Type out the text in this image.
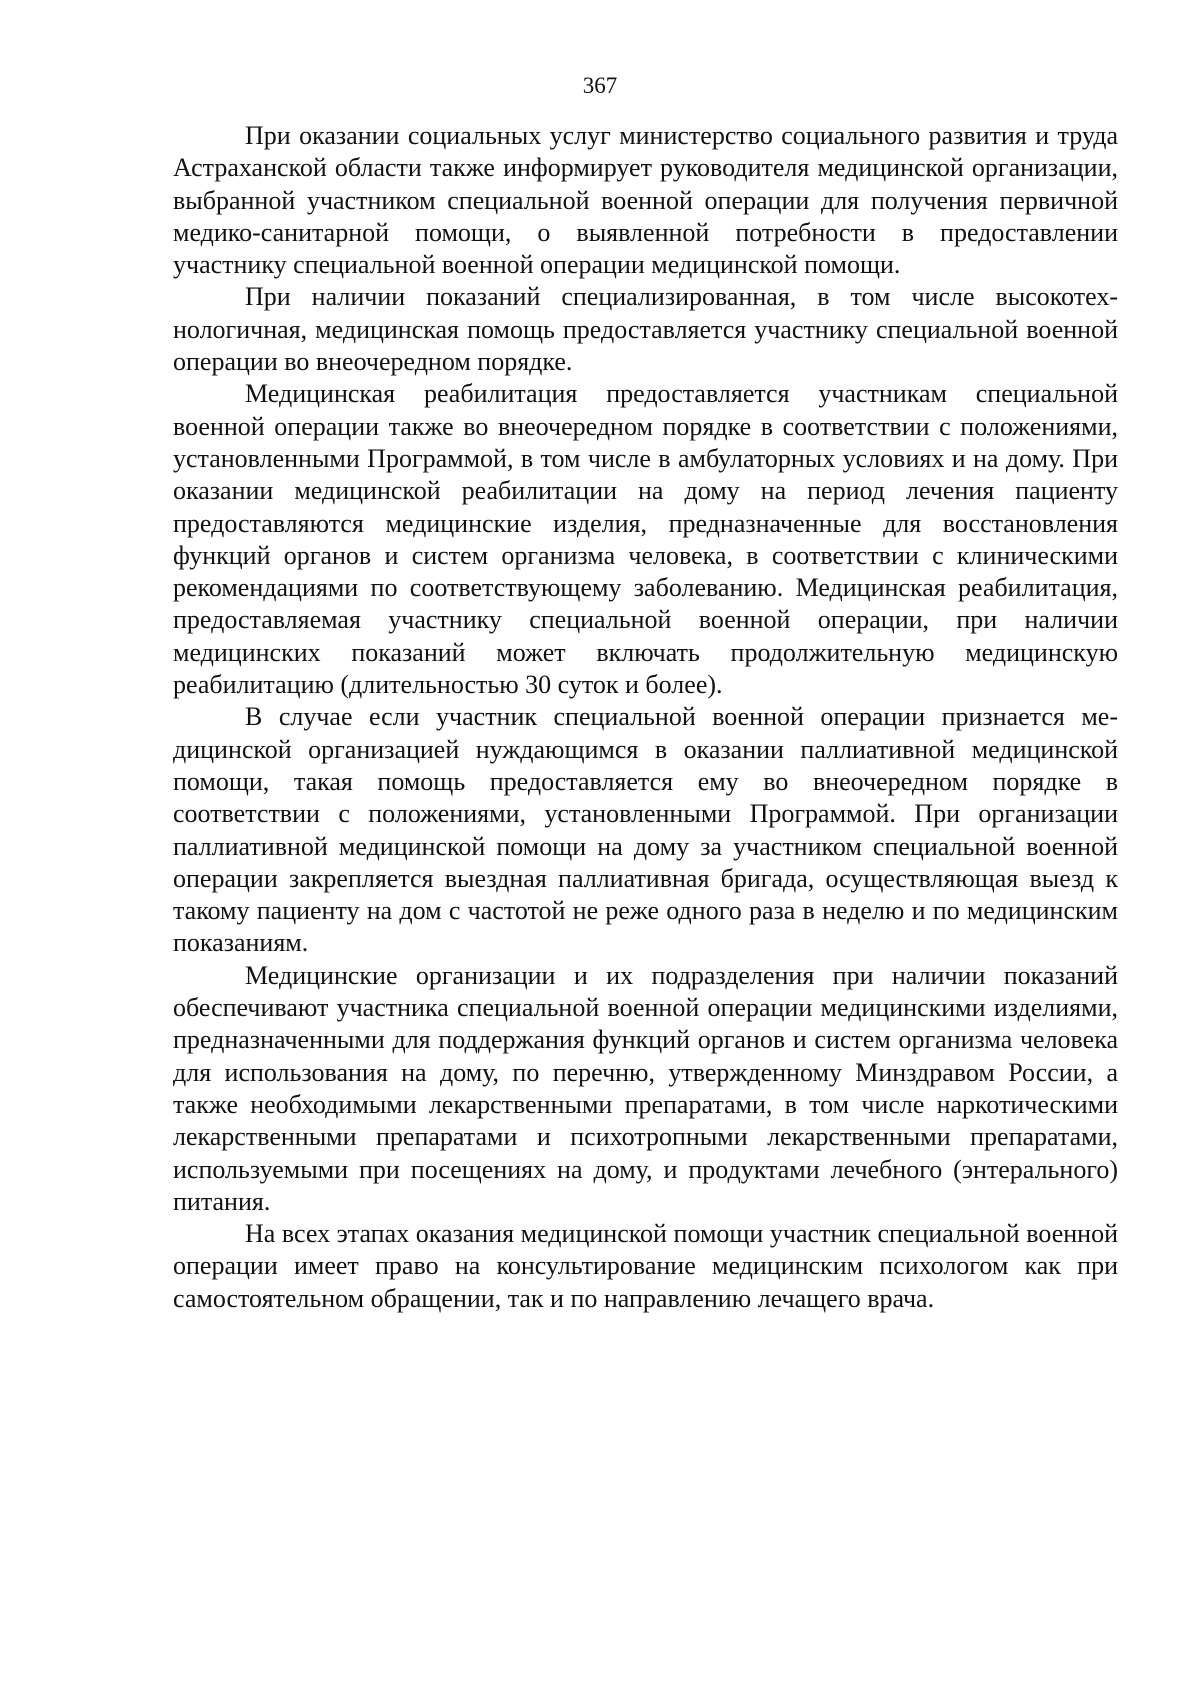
367

При оказании социальных услуг министерство социального развития и труда Астраханской области также информирует руководителя медицинской организации, выбранной участником специальной военной операции для получения первичной медико-санитарной помощи, о выявленной потребности в предоставлении участнику специальной военной операции медицинской помощи.

При наличии показаний специализированная, в том числе высокотехнологичная, медицинская помощь предоставляется участнику специальной военной операции во внеочередном порядке.

Медицинская реабилитация предоставляется участникам специальной военной операции также во внеочередном порядке в соответствии с положениями, установленными Программой, в том числе в амбулаторных условиях и на дому. При оказании медицинской реабилитации на дому на период лечения пациенту предоставляются медицинские изделия, предназначенные для восстановления функций органов и систем организма человека, в соответствии с клиническими рекомендациями по соответствующему заболеванию. Медицинская реабилитация, предоставляемая участнику специальной военной операции, при наличии медицинских показаний может включать продолжительную медицинскую реабилитацию (длительностью 30 суток и более).

В случае если участник специальной военной операции признается медицинской организацией нуждающимся в оказании паллиативной медицинской помощи, такая помощь предоставляется ему во внеочередном порядке в соответствии с положениями, установленными Программой. При организации паллиативной медицинской помощи на дому за участником специальной военной операции закрепляется выездная паллиативная бригада, осуществляющая выезд к такому пациенту на дом с частотой не реже одного раза в неделю и по медицинским показаниям.

Медицинские организации и их подразделения при наличии показаний обеспечивают участника специальной военной операции медицинскими изделиями, предназначенными для поддержания функций органов и систем организма человека для использования на дому, по перечню, утвержденному Минздравом России, а также необходимыми лекарственными препаратами, в том числе наркотическими лекарственными препаратами и психотропными лекарственными препаратами, используемыми при посещениях на дому, и продуктами лечебного (энтерального) питания.

На всех этапах оказания медицинской помощи участник специальной военной операции имеет право на консультирование медицинским психологом как при самостоятельном обращении, так и по направлению лечащего врача.
